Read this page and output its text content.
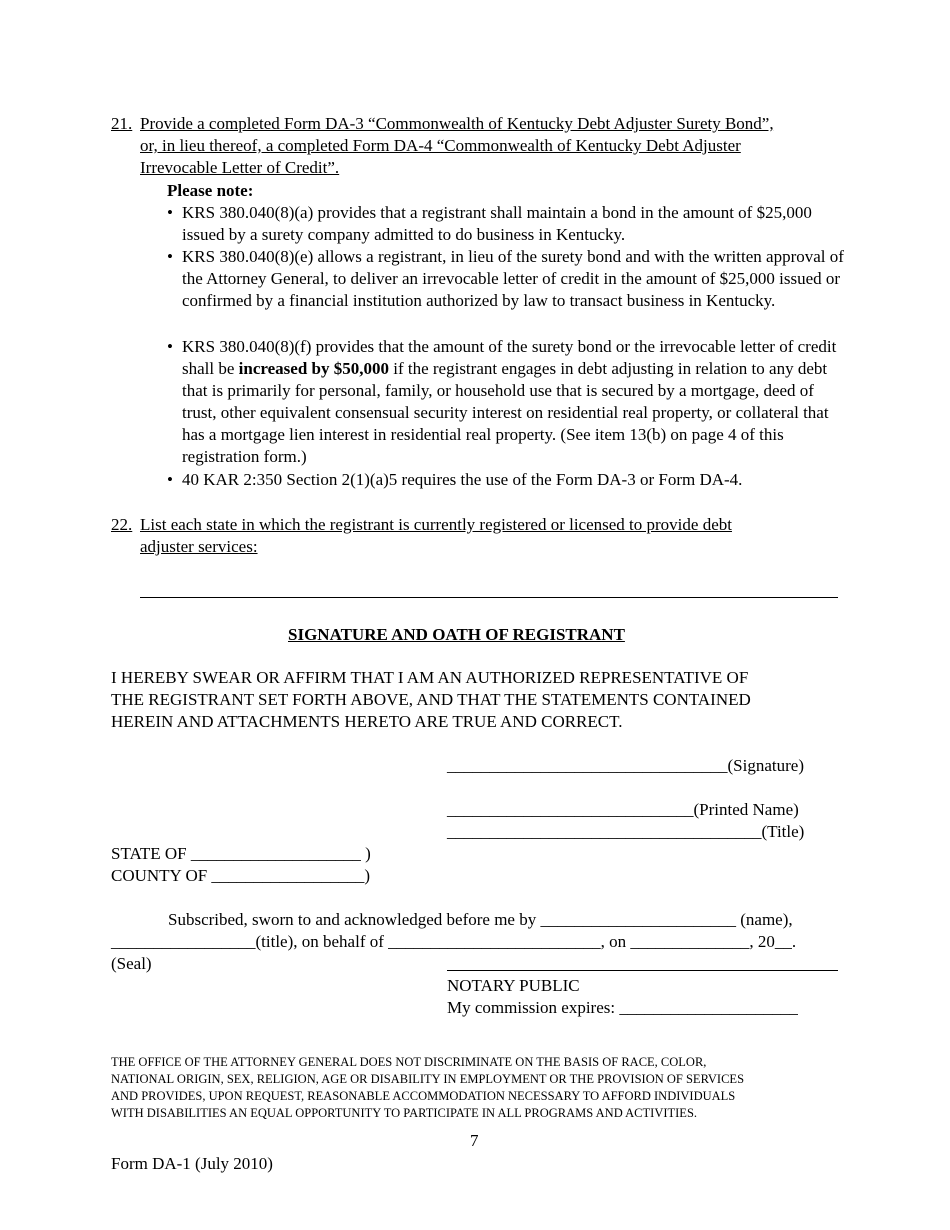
21. Provide a completed Form DA-3 “Commonwealth of Kentucky Debt Adjuster Surety Bond”,
or, in lieu thereof, a completed Form DA-4 “Commonwealth of Kentucky Debt Adjuster
Irrevocable Letter of Credit”.
Please note:
• KRS 380.040(8)(a) provides that a registrant shall maintain a bond in the amount of $25,000 issued by a surety company admitted to do business in Kentucky.
• KRS 380.040(8)(e) allows a registrant, in lieu of the surety bond and with the written approval of the Attorney General, to deliver an irrevocable letter of credit in the amount of $25,000 issued or confirmed by a financial institution authorized by law to transact business in Kentucky.
• KRS 380.040(8)(f) provides that the amount of the surety bond or the irrevocable letter of credit shall be increased by $50,000 if the registrant engages in debt adjusting in relation to any debt that is primarily for personal, family, or household use that is secured by a mortgage, deed of trust, other equivalent consensual security interest on residential real property, or collateral that has a mortgage lien interest in residential real property. (See item 13(b) on page 4 of this registration form.)
• 40 KAR 2:350 Section 2(1)(a)5 requires the use of the Form DA-3 or Form DA-4.
22. List each state in which the registrant is currently registered or licensed to provide debt
adjuster services:
SIGNATURE AND OATH OF REGISTRANT
I HEREBY SWEAR OR AFFIRM THAT I AM AN AUTHORIZED REPRESENTATIVE OF
THE REGISTRANT SET FORTH ABOVE, AND THAT THE STATEMENTS CONTAINED
HEREIN AND ATTACHMENTS HERETO ARE TRUE AND CORRECT.
_________________________________(Signature)
_____________________________(Printed Name)
_____________________________________(Title)
STATE OF ____________________ )
COUNTY OF __________________)
Subscribed, sworn to and acknowledged before me by _______________________ (name),
_________________(title), on behalf of _________________________, on ______________, 20__.
(Seal)
NOTARY PUBLIC
My commission expires: _____________________
THE OFFICE OF THE ATTORNEY GENERAL DOES NOT DISCRIMINATE ON THE BASIS OF RACE, COLOR,
NATIONAL ORIGIN, SEX, RELIGION, AGE OR DISABILITY IN EMPLOYMENT OR THE PROVISION OF SERVICES
AND PROVIDES, UPON REQUEST, REASONABLE ACCOMMODATION NECESSARY TO AFFORD INDIVIDUALS
WITH DISABILITIES AN EQUAL OPPORTUNITY TO PARTICIPATE IN ALL PROGRAMS AND ACTIVITIES.
7
Form DA-1 (July 2010)
